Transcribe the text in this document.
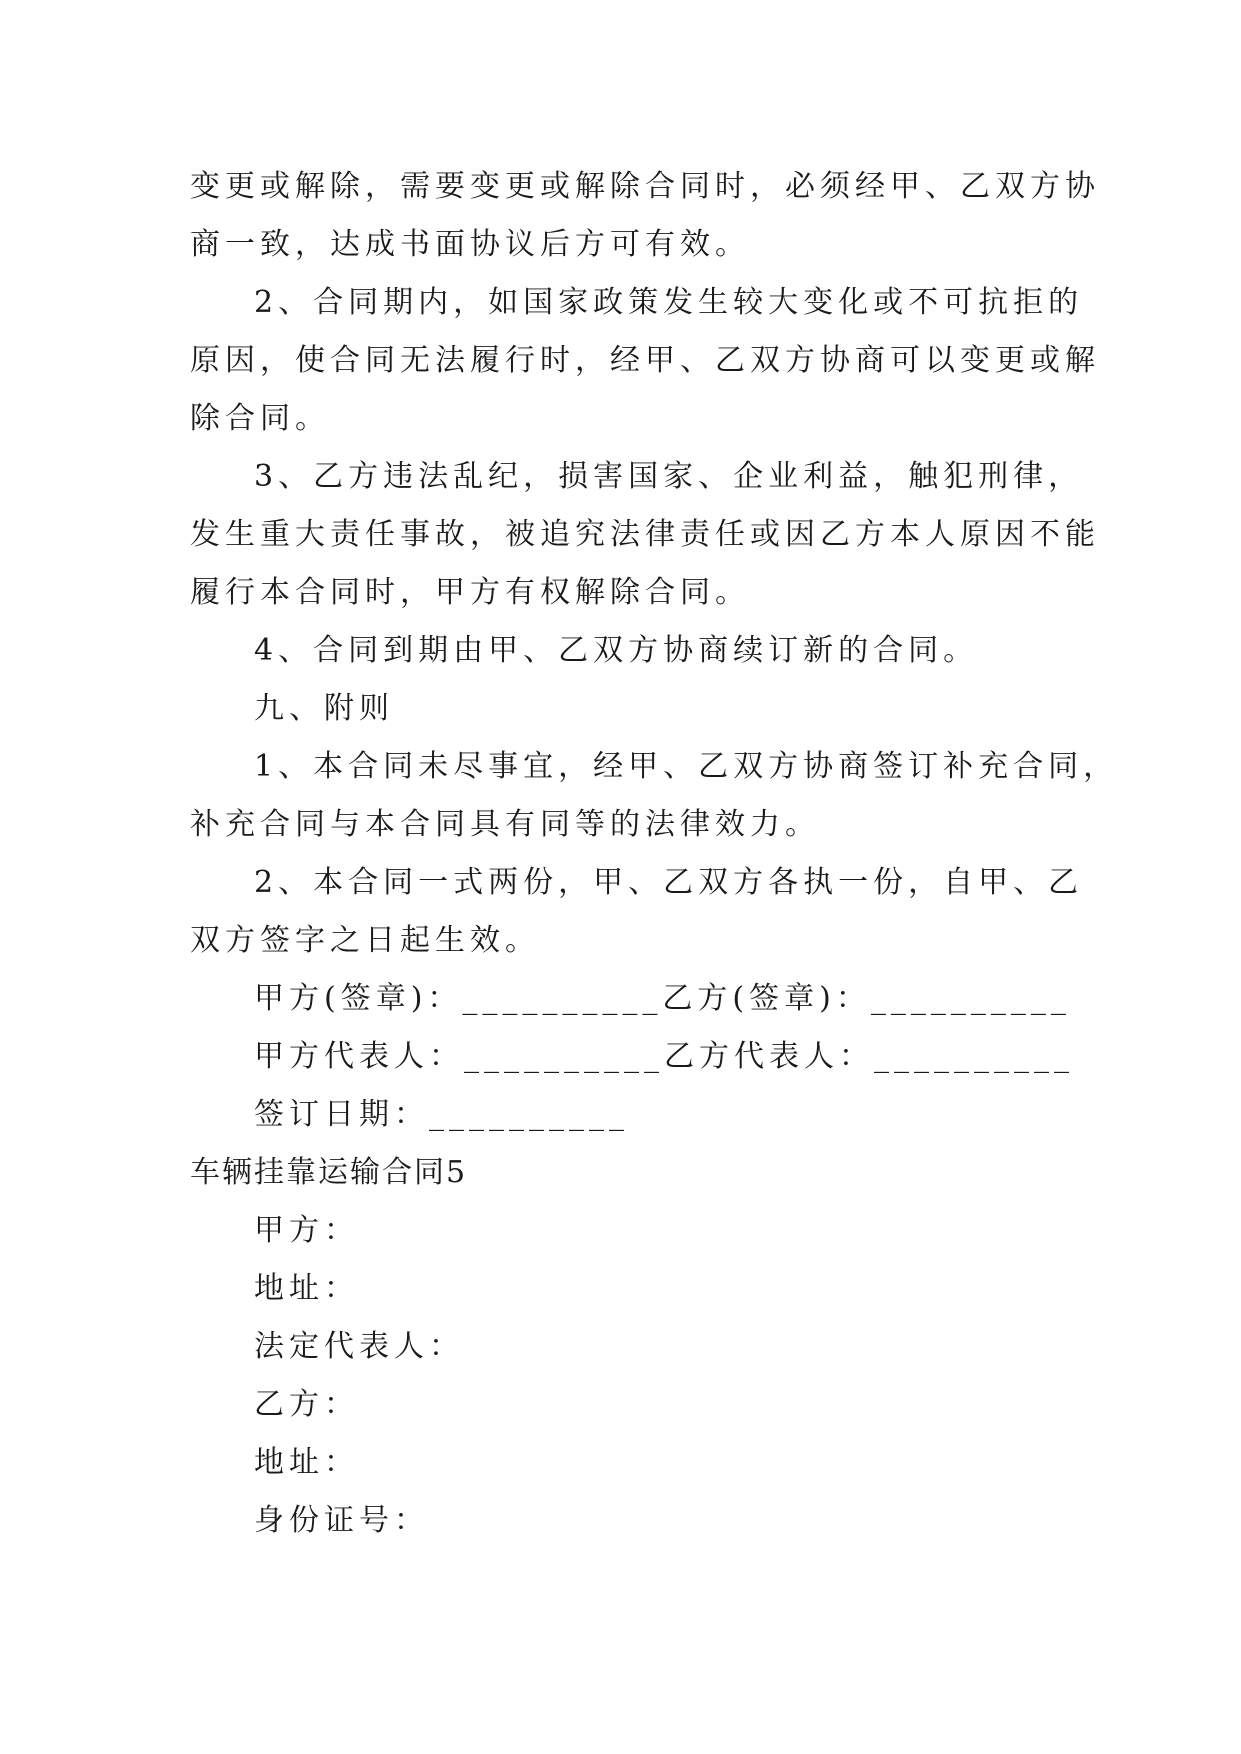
变更或解除，需要变更或解除合同时，必须经甲、乙双方协
商一致，达成书面协议后方可有效。
2、合同期内，如国家政策发生较大变化或不可抗拒的
原因，使合同无法履行时，经甲、乙双方协商可以变更或解
除合同。
3、乙方违法乱纪，损害国家、企业利益，触犯刑律，
发生重大责任事故，被追究法律责任或因乙方本人原因不能
履行本合同时，甲方有权解除合同。
4、合同到期由甲、乙双方协商续订新的合同。
九、附则
1、本合同未尽事宜，经甲、乙双方协商签订补充合同，
补充合同与本合同具有同等的法律效力。
2、本合同一式两份，甲、乙双方各执一份，自甲、乙
双方签字之日起生效。
甲方(签章)：__________乙方(签章)：__________
甲方代表人：__________乙方代表人：__________
签订日期：__________
车辆挂靠运输合同5
甲方：
地址：
法定代表人：
乙方：
地址：
身份证号：
